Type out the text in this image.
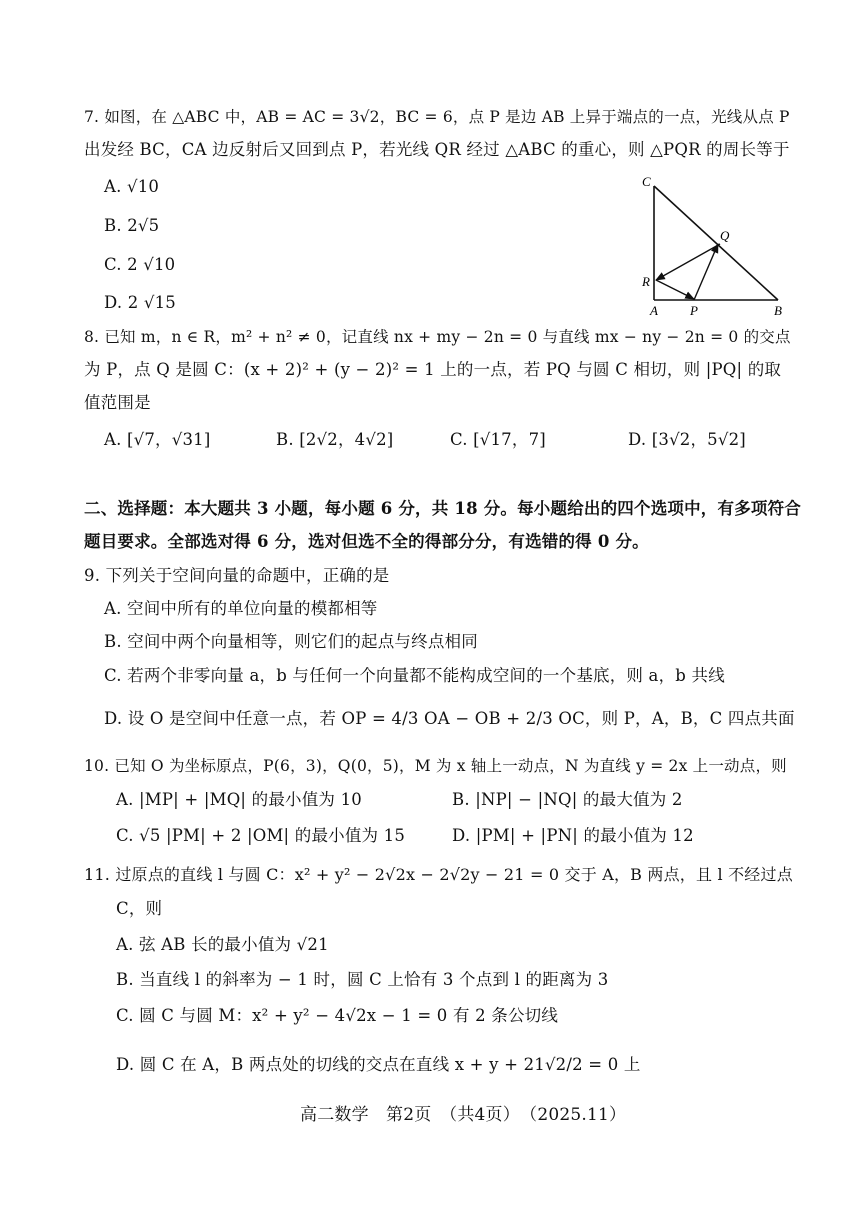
7. 如图，在 △ABC 中，AB = AC = 3√2，BC = 6，点 P 是边 AB 上异于端点的一点，光线从点 P
出发经 BC，CA 边反射后又回到点 P，若光线 QR 经过 △ABC 的重心，则 △PQR 的周长等于
A. √10
B. 2√5
C. 2 √10
D. 2 √15
C
Q
R
A P	B
8. 已知 m，n ∈ R，m² + n² ≠ 0，记直线 nx + my − 2n = 0 与直线 mx − ny − 2n = 0 的交点
为 P，点 Q 是圆 C：(x + 2)² + (y − 2)² = 1 上的一点，若 PQ 与圆 C 相切，则 |PQ| 的取
值范围是
A. [√7，√31]	B. [2√2，4√2]	C. [√17，7]	D. [3√2，5√2]
二、选择题：本大题共 3 小题，每小题 6 分，共 18 分。每小题给出的四个选项中，有多项符合
题目要求。全部选对得 6 分，选对但选不全的得部分分，有选错的得 0 分。
9. 下列关于空间向量的命题中，正确的是
A. 空间中所有的单位向量的模都相等
B. 空间中两个向量相等，则它们的起点与终点相同
C. 若两个非零向量 a，b 与任何一个向量都不能构成空间的一个基底，则 a，b 共线
D. 设 O 是空间中任意一点，若 OP = 4/3 OA − OB + 2/3 OC，则 P，A，B，C 四点共面
10. 已知 O 为坐标原点，P(6，3)，Q(0，5)，M 为 x 轴上一动点，N 为直线 y = 2x 上一动点，则
A. |MP| + |MQ| 的最小值为 10	B. |NP| − |NQ| 的最大值为 2
C. √5 |PM| + 2 |OM| 的最小值为 15	D. |PM| + |PN| 的最小值为 12
11. 过原点的直线 l 与圆 C：x² + y² − 2√2x − 2√2y − 21 = 0 交于 A，B 两点，且 l 不经过点
C，则
A. 弦 AB 长的最小值为 √21
B. 当直线 l 的斜率为 − 1 时，圆 C 上恰有 3 个点到 l 的距离为 3
C. 圆 C 与圆 M：x² + y² − 4√2x − 1 = 0 有 2 条公切线
D. 圆 C 在 A，B 两点处的切线的交点在直线 x + y + 21√2/2 = 0 上
高二数学　第2页　（共4页）　（2025.11）
